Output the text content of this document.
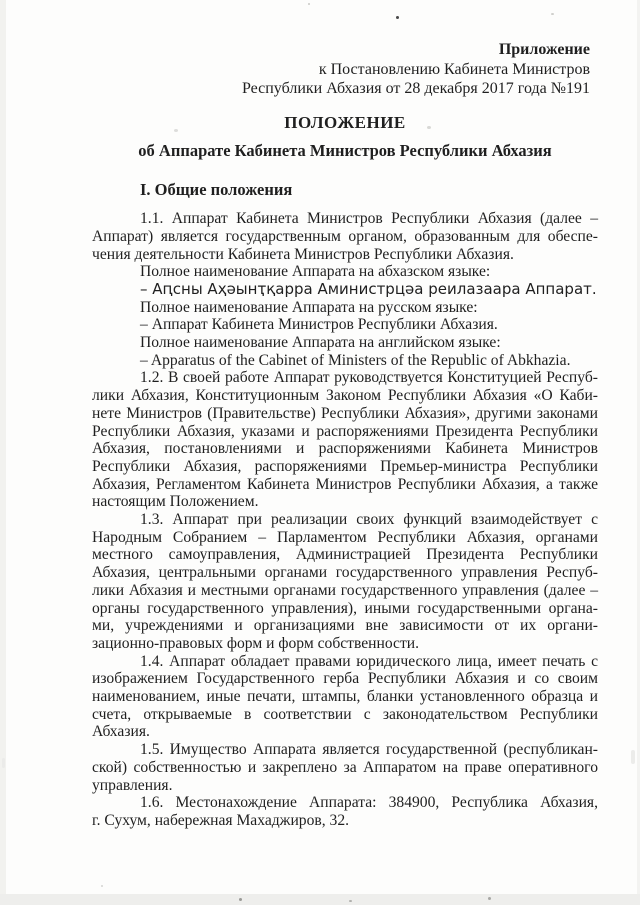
Приложение
к Постановлению Кабинета Министров
Республики Абхазия от 28 декабря 2017 года №191
ПОЛОЖЕНИЕ
об Аппарате Кабинета Министров Республики Абхазия
I. Общие положения
1.1. Аппарат Кабинета Министров Республики Абхазия (далее –
Аппарат) является государственным органом, образованным для обеспе-
чения деятельности Кабинета Министров Республики Абхазия.
Полное наименование Аппарата на абхазском языке:
– Аԥсны Аҳәынҭқарра Аминистрцәа реилазаара Аппарат.
Полное наименование Аппарата на русском языке:
– Аппарат Кабинета Министров Республики Абхазия.
Полное наименование Аппарата на английском языке:
– Apparatus of the Cabinet of Ministers of the Republic of Abkhazia.
1.2. В своей работе Аппарат руководствуется Конституцией Респуб-
лики Абхазия, Конституционным Законом Республики Абхазия «О Каби-
нете Министров (Правительстве) Республики Абхазия», другими законами
Республики Абхазия, указами и распоряжениями Президента Республики
Абхазия, постановлениями и распоряжениями Кабинета Министров
Республики Абхазия, распоряжениями Премьер-министра Республики
Абхазия, Регламентом Кабинета Министров Республики Абхазия, а также
настоящим Положением.
1.3. Аппарат при реализации своих функций взаимодействует с
Народным Собранием – Парламентом Республики Абхазия, органами
местного самоуправления, Администрацией Президента Республики
Абхазия, центральными органами государственного управления Респуб-
лики Абхазия и местными органами государственного управления (далее –
органы государственного управления), иными государственными органа-
ми, учреждениями и организациями вне зависимости от их органи-
зационно-правовых форм и форм собственности.
1.4. Аппарат обладает правами юридического лица, имеет печать с
изображением Государственного герба Республики Абхазия и со своим
наименованием, иные печати, штампы, бланки установленного образца и
счета, открываемые в соответствии с законодательством Республики
Абхазия.
1.5. Имущество Аппарата является государственной (республикан-
ской) собственностью и закреплено за Аппаратом на праве оперативного
управления.
1.6. Местонахождение Аппарата: 384900, Республика Абхазия,
г. Сухум, набережная Махаджиров, 32.
